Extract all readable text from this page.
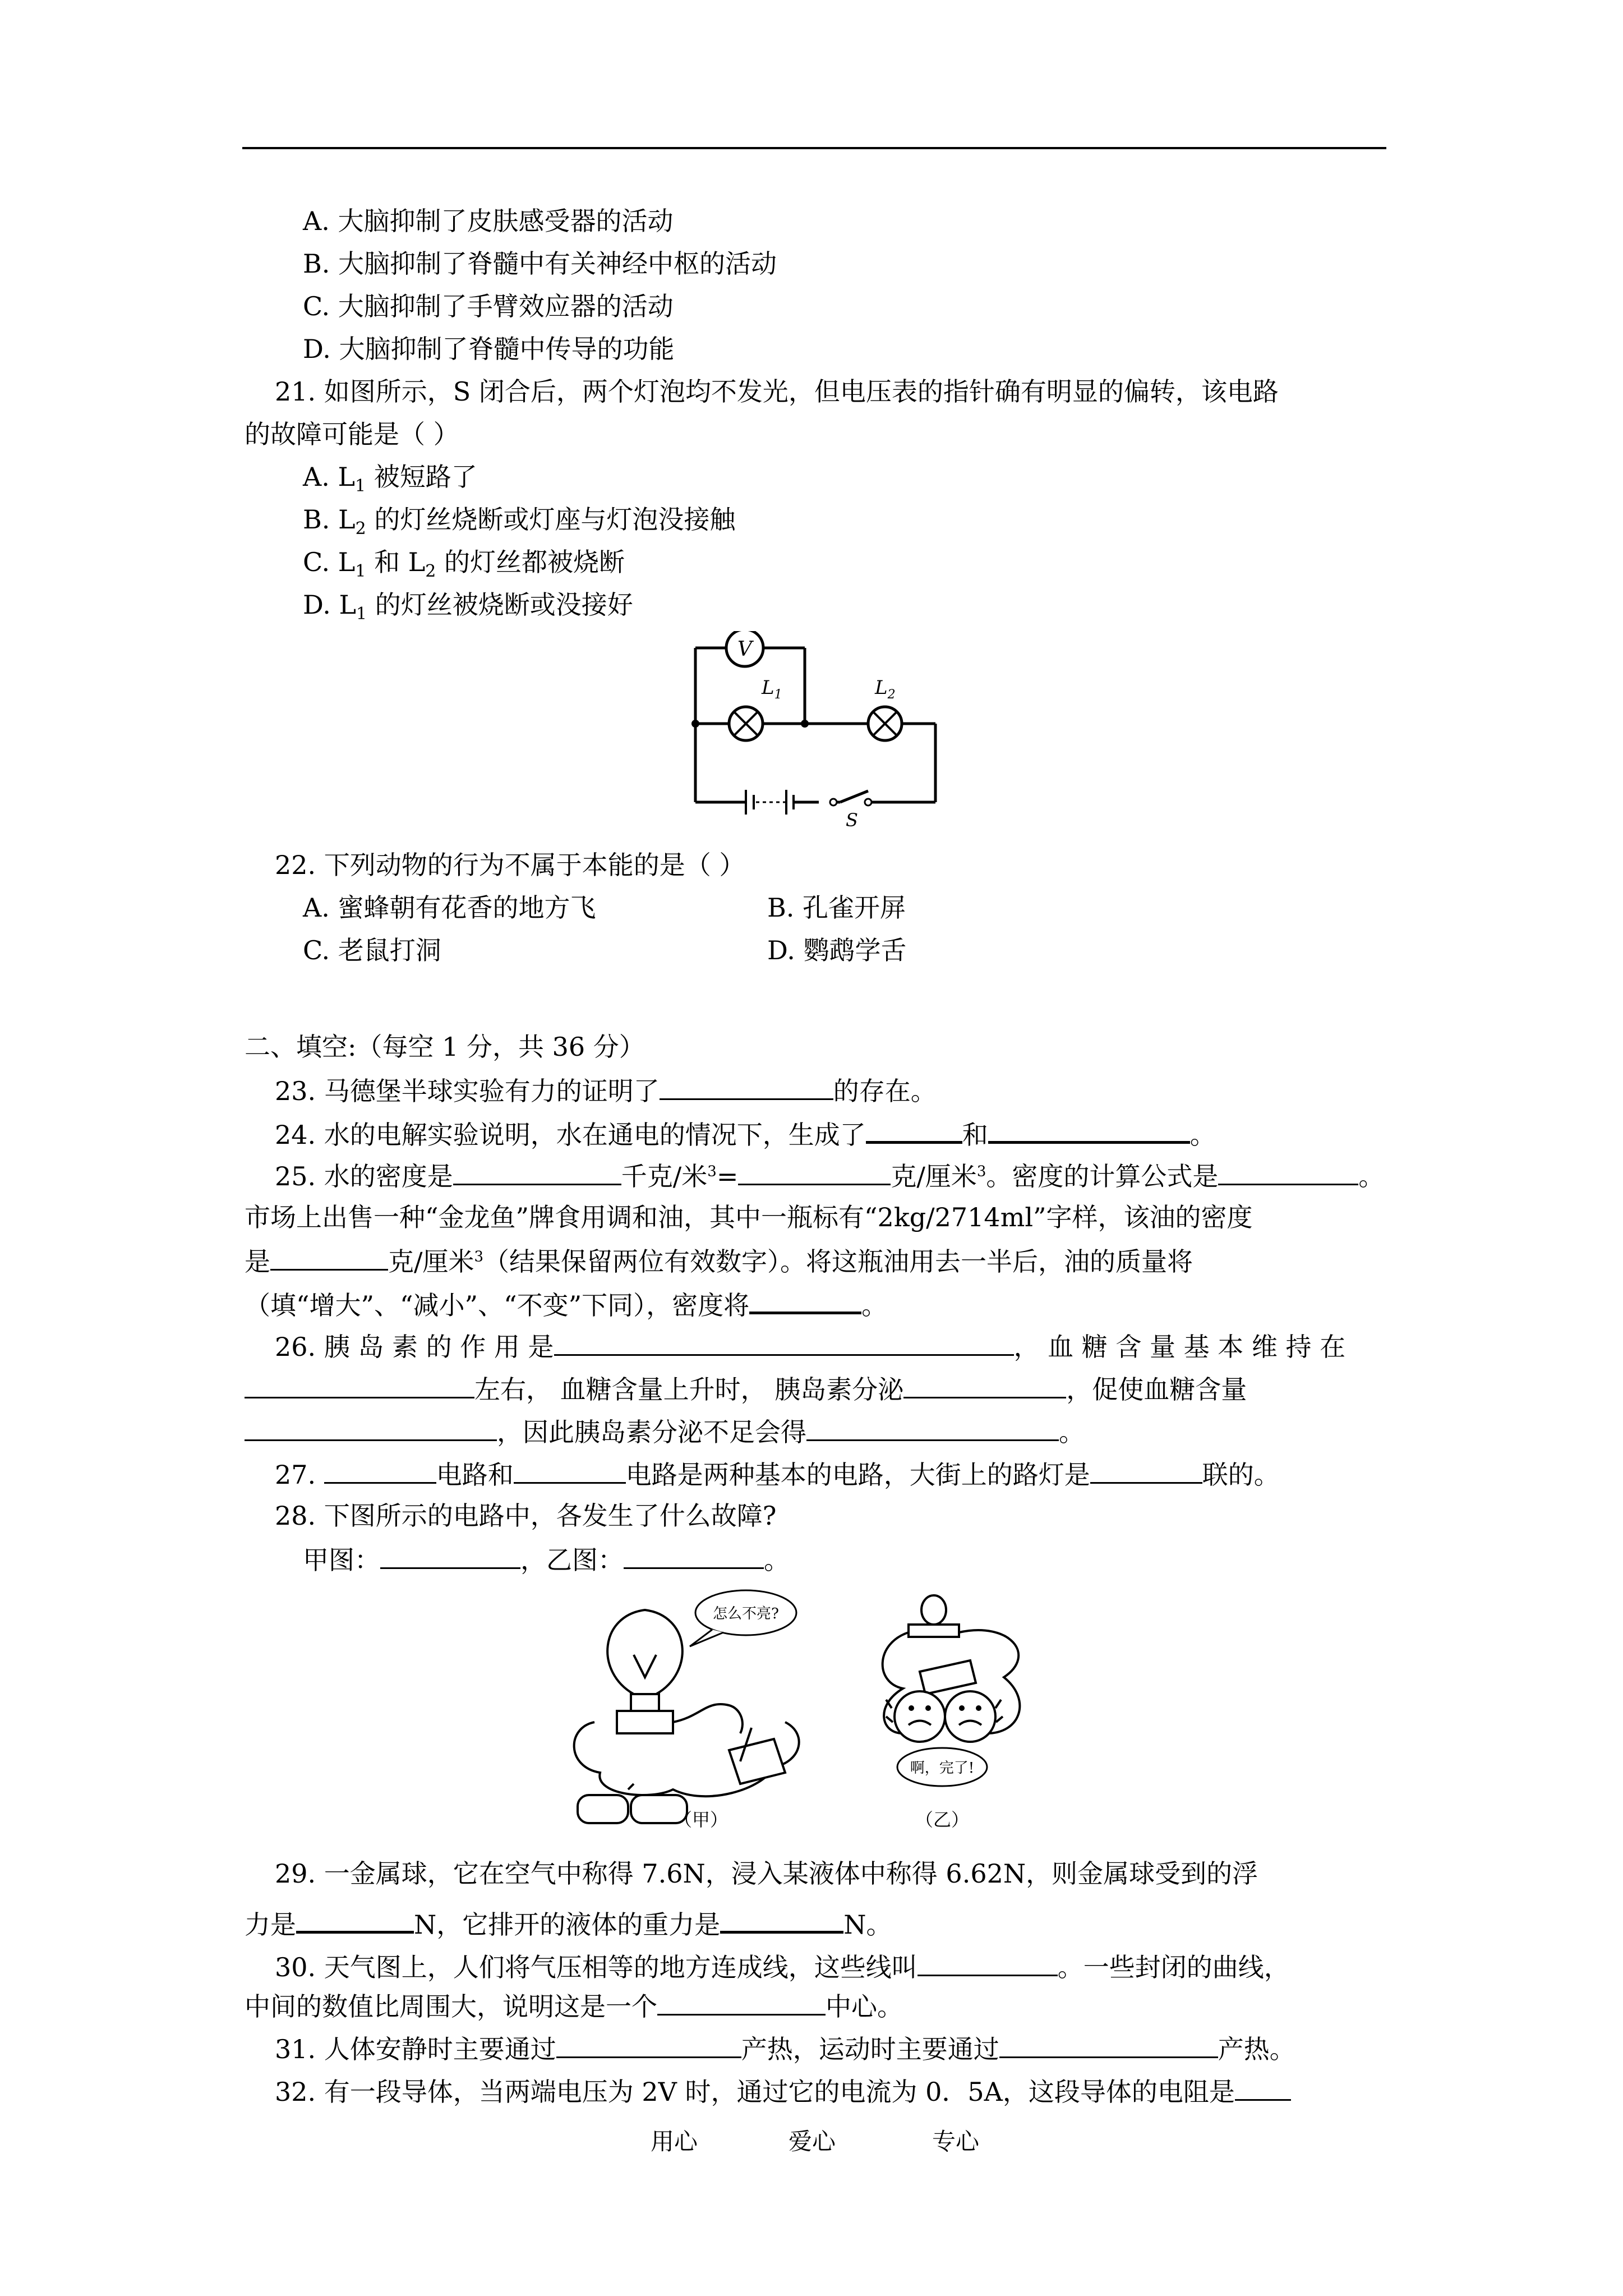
A. 大脑抑制了皮肤感受器的活动
B. 大脑抑制了脊髓中有关神经中枢的活动
C. 大脑抑制了手臂效应器的活动
D. 大脑抑制了脊髓中传导的功能
21. 如图所示，S 闭合后，两个灯泡均不发光，但电压表的指针确有明显的偏转，该电路
的故障可能是（ ）
A. $L_1$ 被短路了
B. $L_2$ 的灯丝烧断或灯座与灯泡没接触
C. $L_1$ 和 $L_2$ 的灯丝都被烧断
D. $L_1$ 的灯丝被烧断或没接好
V
$L_1$	$L_2$
S
22. 下列动物的行为不属于本能的是（ ）
A. 蜜蜂朝有花香的地方飞	B. 孔雀开屏
C. 老鼠打洞	D. 鹦鹉学舌
二、填空:（每空 1 分，共 36 分）
23. 马德堡半球实验有力的证明了	的存在。
24. 水的电解实验说明，水在通电的情况下，生成了	和	。
25. 水的密度是	千克/米$^3$=	克/厘米$^3$。密度的计算公式是	。
市场上出售一种“金龙鱼”牌食用调和油，其中一瓶标有“2kg/2714ml”字样，该油的密度
是	克/厘米$^3$（结果保留两位有效数字）。将这瓶油用去一半后，油的质量将
（填“增大”、“减小”、“不变”下同），密度将	。
26. 胰 岛 素 的 作 用 是	， 血 糖 含 量 基 本 维 持 在
左右， 血糖含量上升时， 胰岛素分泌	，促使血糖含量
，因此胰岛素分泌不足会得	。
27.	电路和	电路是两种基本的电路，大街上的路灯是	联的。
28. 下图所示的电路中，各发生了什么故障?
甲图：	，乙图：	。
怎么不亮?
（甲）
啊，完了!
（乙）
29. 一金属球，它在空气中称得 7.6N，浸入某液体中称得 6.62N，则金属球受到的浮
力是	N，它排开的液体的重力是	N。
30. 天气图上，人们将气压相等的地方连成线，这些线叫	。一些封闭的曲线，
中间的数值比周围大，说明这是一个	中心。
31. 人体安静时主要通过	产热，运动时主要通过	产热。
32. 有一段导体，当两端电压为 2V 时，通过它的电流为 0．5A，这段导体的电阻是
用心	爱心	专心
